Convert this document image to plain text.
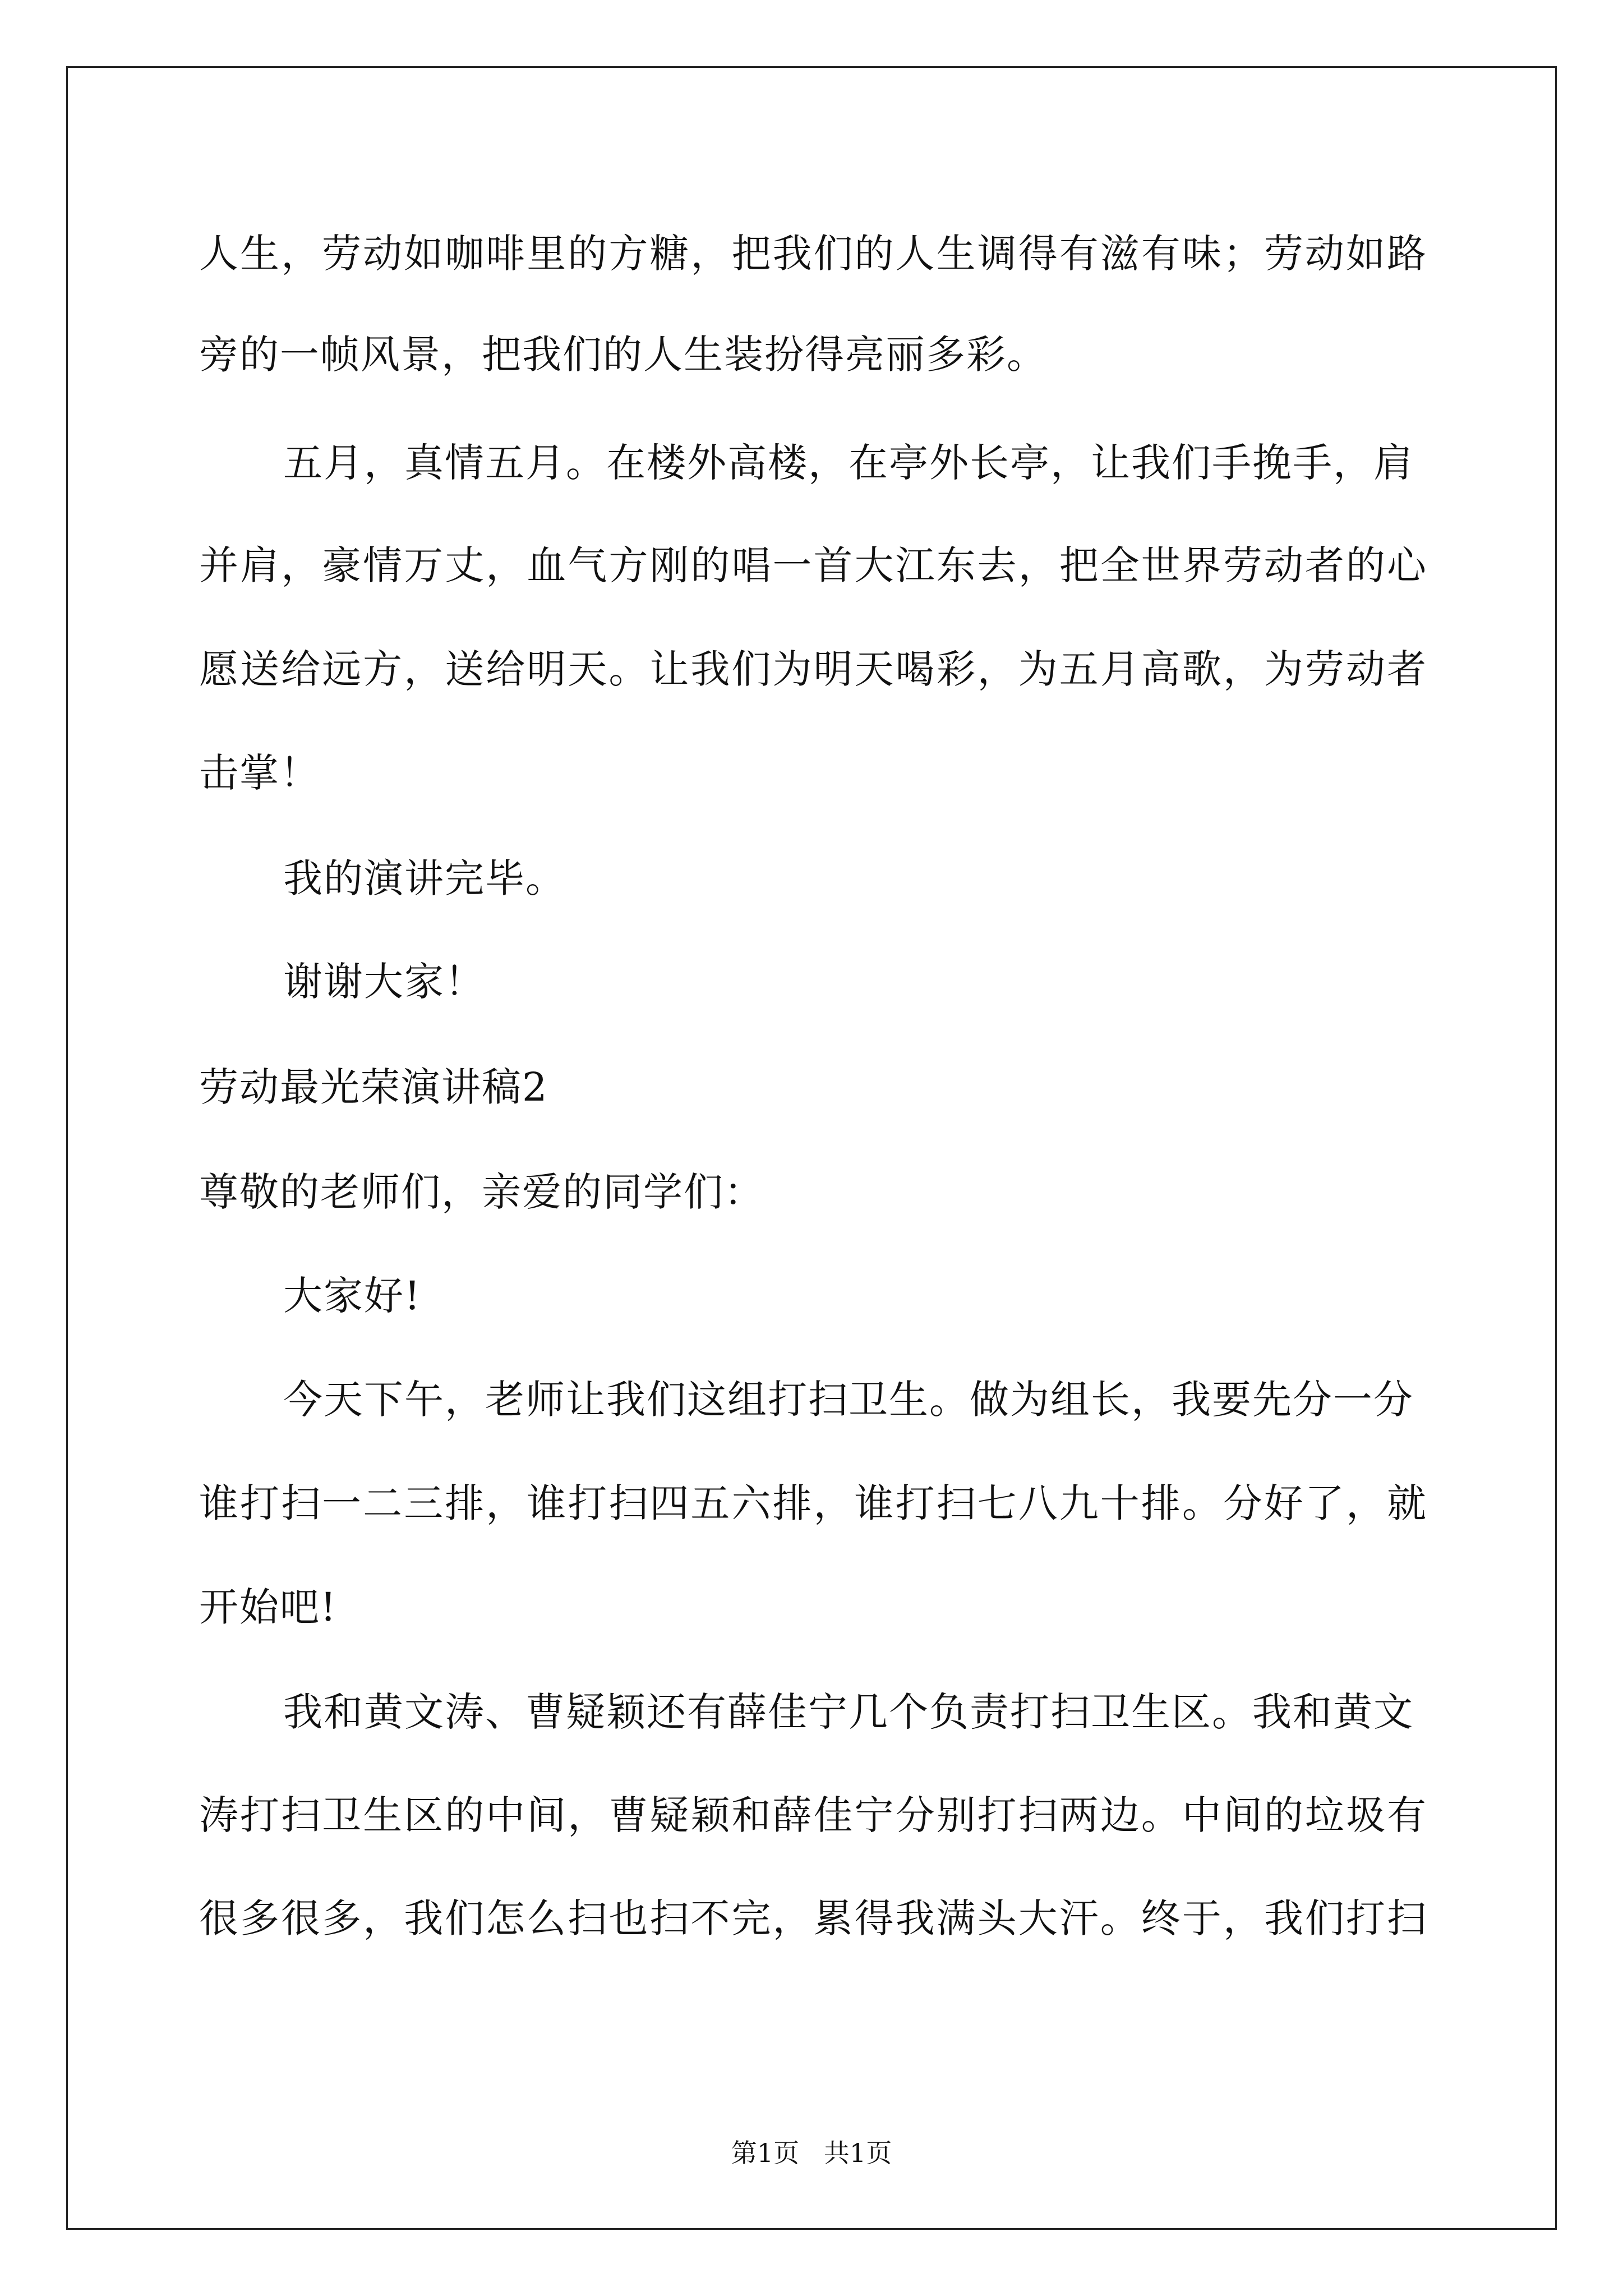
人生，劳动如咖啡里的方糖，把我们的人生调得有滋有味；劳动如路
旁的一帧风景，把我们的人生装扮得亮丽多彩。
五月，真情五月。在楼外高楼，在亭外长亭，让我们手挽手，肩
并肩，豪情万丈，血气方刚的唱一首大江东去，把全世界劳动者的心
愿送给远方，送给明天。让我们为明天喝彩，为五月高歌，为劳动者
击掌！
我的演讲完毕。
谢谢大家！
劳动最光荣演讲稿2
尊敬的老师们，亲爱的同学们：
大家好!
今天下午，老师让我们这组打扫卫生。做为组长，我要先分一分
谁打扫一二三排，谁打扫四五六排，谁打扫七八九十排。分好了，就
开始吧!
我和黄文涛、曹疑颖还有薛佳宁几个负责打扫卫生区。我和黄文
涛打扫卫生区的中间，曹疑颖和薛佳宁分别打扫两边。中间的垃圾有
很多很多，我们怎么扫也扫不完，累得我满头大汗。终于，我们打扫
第1页   共1页
